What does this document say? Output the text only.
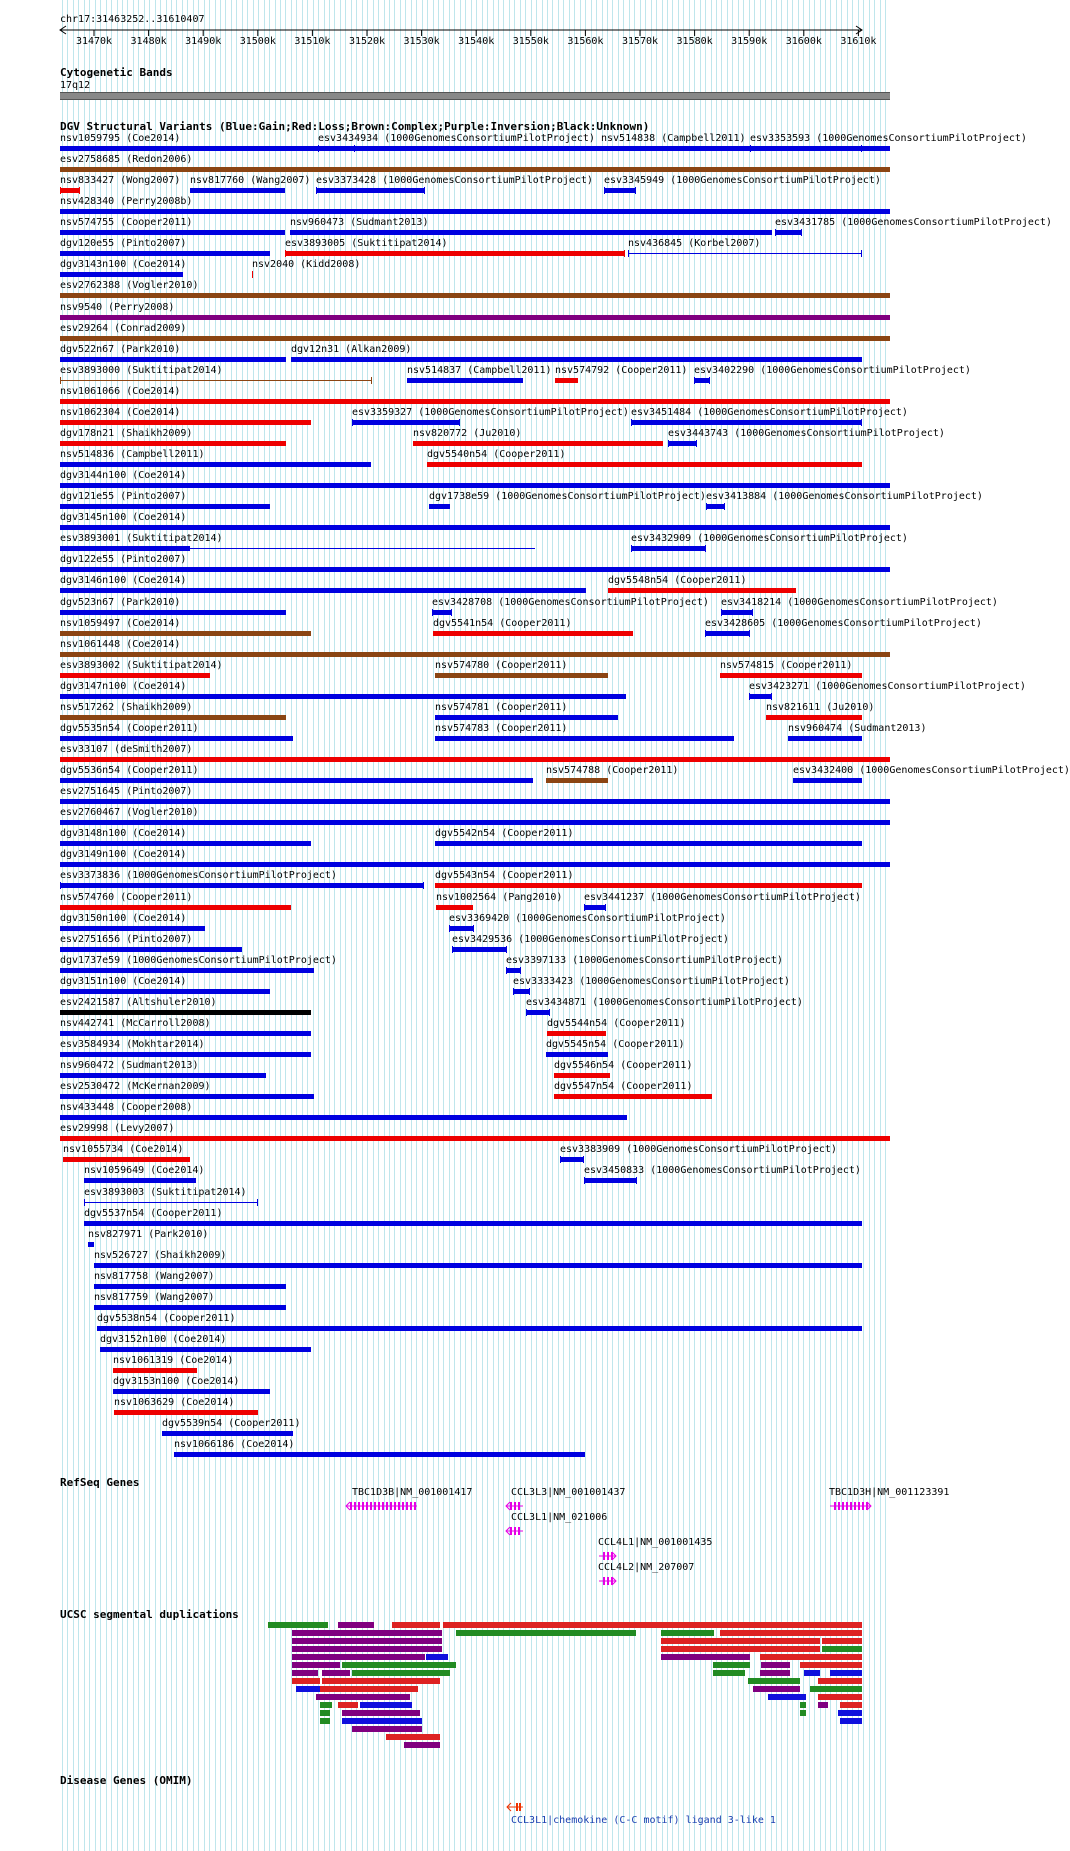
chr17:31463252..31610407
31470k 31480k 31490k 31500k 31510k 31520k 31530k 31540k 31550k 31560k 31570k 31580k 31590k 31600k 31610k
Cytogenetic Bands
17q12
DGV Structural Variants (Blue:Gain;Red:Loss;Brown:Complex;Purple:Inversion;Black:Unknown)
nsv1059795 (Coe2014)	esv3434934 (1000GenomesConsortiumPilotProject) nsv514838 (Campbell2011) esv3353593 (1000GenomesConsortiumPilotProject)
esv2758685 (Redon2006)
nsv833427 (Wong2007) nsv817760 (Wang2007) esv3373428 (1000GenomesConsortiumPilotProject) esv3345949 (1000GenomesConsortiumPilotProject)
nsv428340 (Perry2008b)
nsv574755 (Cooper2011)	nsv960473 (Sudmant2013)	esv3431785 (1000GenomesConsortiumPilotProject)
dgv120e55 (Pinto2007)	esv3893005 (Suktitipat2014)	nsv436845 (Korbel2007)
dgv3143n100 (Coe2014)	nsv2040 (Kidd2008)
esv2762388 (Vogler2010)
nsv9540 (Perry2008)
esv29264 (Conrad2009)
dgv522n67 (Park2010)	dgv12n31 (Alkan2009)
esv3893000 (Suktitipat2014)	nsv514837 (Campbell2011) nsv574792 (Cooper2011) esv3402290 (1000GenomesConsortiumPilotProject)
nsv1061066 (Coe2014)
nsv1062304 (Coe2014)	esv3359327 (1000GenomesConsortiumPilotProject) esv3451484 (1000GenomesConsortiumPilotProject)
dgv178n21 (Shaikh2009)	nsv820772 (Ju2010)	esv3443743 (1000GenomesConsortiumPilotProject)
nsv514836 (Campbell2011)	dgv5540n54 (Cooper2011)
dgv3144n100 (Coe2014)
dgv121e55 (Pinto2007)	dgv1738e59 (1000GenomesConsortiumPilotProject) esv3413884 (1000GenomesConsortiumPilotProject)
dgv3145n100 (Coe2014)
esv3893001 (Suktitipat2014)	esv3432909 (1000GenomesConsortiumPilotProject)
dgv122e55 (Pinto2007)
dgv3146n100 (Coe2014)	dgv5548n54 (Cooper2011)
dgv523n67 (Park2010)	esv3428708 (1000GenomesConsortiumPilotProject) esv3418214 (1000GenomesConsortiumPilotProject)
nsv1059497 (Coe2014)	dgv5541n54 (Cooper2011)	esv3428605 (1000GenomesConsortiumPilotProject)
nsv1061448 (Coe2014)
esv3893002 (Suktitipat2014)	nsv574780 (Cooper2011)	nsv574815 (Cooper2011)
dgv3147n100 (Coe2014)	esv3423271 (1000GenomesConsortiumPilotProject)
nsv517262 (Shaikh2009)	nsv574781 (Cooper2011)	nsv821611 (Ju2010)
dgv5535n54 (Cooper2011)	nsv574783 (Cooper2011)	nsv960474 (Sudmant2013)
esv33107 (deSmith2007)
dgv5536n54 (Cooper2011)	nsv574788 (Cooper2011)	esv3432400 (1000GenomesConsortiumPilotProject)
esv2751645 (Pinto2007)
esv2760467 (Vogler2010)
dgv3148n100 (Coe2014)	dgv5542n54 (Cooper2011)
dgv3149n100 (Coe2014)
esv3373836 (1000GenomesConsortiumPilotProject)	dgv5543n54 (Cooper2011)
nsv574760 (Cooper2011)	nsv1002564 (Pang2010) esv3441237 (1000GenomesConsortiumPilotProject)
dgv3150n100 (Coe2014)	esv3369420 (1000GenomesConsortiumPilotProject)
esv2751656 (Pinto2007)	esv3429536 (1000GenomesConsortiumPilotProject)
dgv1737e59 (1000GenomesConsortiumPilotProject)	esv3397133 (1000GenomesConsortiumPilotProject)
dgv3151n100 (Coe2014)	esv3333423 (1000GenomesConsortiumPilotProject)
esv2421587 (Altshuler2010)	esv3434871 (1000GenomesConsortiumPilotProject)
nsv442741 (McCarroll2008)	dgv5544n54 (Cooper2011)
esv3584934 (Mokhtar2014)	dgv5545n54 (Cooper2011)
nsv960472 (Sudmant2013)	dgv5546n54 (Cooper2011)
esv2530472 (McKernan2009)	dgv5547n54 (Cooper2011)
nsv433448 (Cooper2008)
esv29998 (Levy2007)
nsv1055734 (Coe2014)	esv3383909 (1000GenomesConsortiumPilotProject)
nsv1059649 (Coe2014)	esv3450833 (1000GenomesConsortiumPilotProject)
esv3893003 (Suktitipat2014)
dgv5537n54 (Cooper2011)
nsv827971 (Park2010)
nsv526727 (Shaikh2009)
nsv817758 (Wang2007)
nsv817759 (Wang2007)
dgv5538n54 (Cooper2011)
dgv3152n100 (Coe2014)
nsv1061319 (Coe2014)
dgv3153n100 (Coe2014)
nsv1063629 (Coe2014)
dgv5539n54 (Cooper2011)
nsv1066186 (Coe2014)
RefSeq Genes
TBC1D3B|NM_001001417	CCL3L3|NM_001001437
CCL3L1|NM_021006
CCL4L1|NM_001001435
CCL4L2|NM_207007
TBC1D3H|NM_001123391
UCSC segmental duplications
Disease Genes (OMIM)
CCL3L1|chemokine (C-C motif) ligand 3-like 1
